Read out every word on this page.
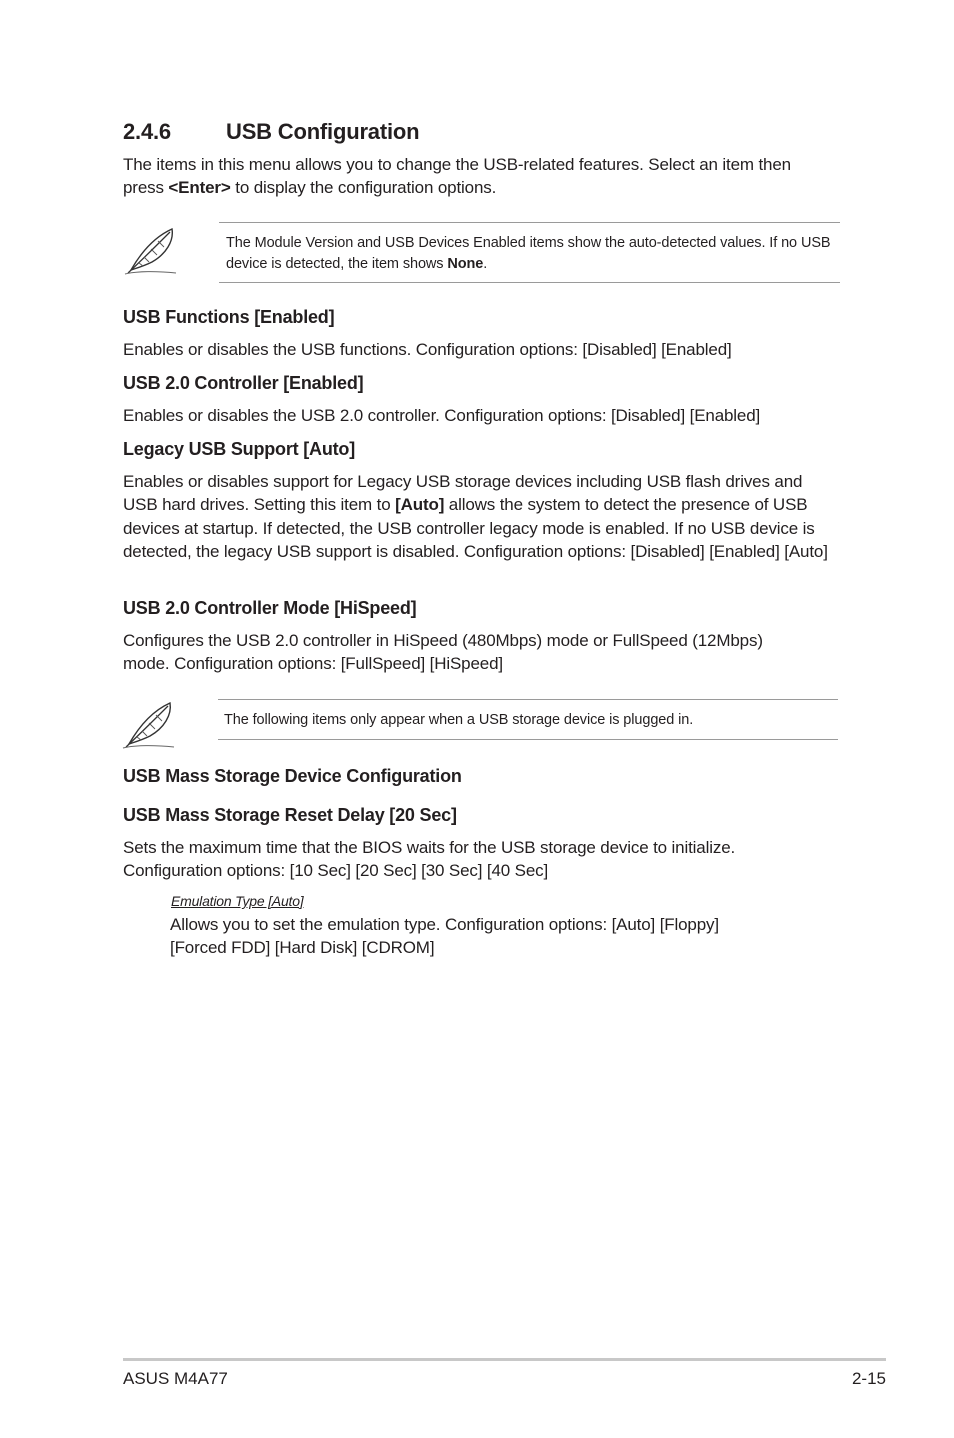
2.4.6	USB Configuration

The items in this menu allows you to change the USB-related features. Select an item then
press <Enter> to display the configuration options.

The Module Version and USB Devices Enabled items show the auto-detected values. If no USB device is detected, the item shows None.

USB Functions [Enabled]

Enables or disables the USB functions. Configuration options: [Disabled] [Enabled]

USB 2.0 Controller [Enabled]

Enables or disables the USB 2.0 controller. Configuration options: [Disabled] [Enabled]

Legacy USB Support [Auto]

Enables or disables support for Legacy USB storage devices including USB flash drives and USB hard drives. Setting this item to [Auto] allows the system to detect the presence of USB devices at startup. If detected, the USB controller legacy mode is enabled. If no USB device is detected, the legacy USB support is disabled. Configuration options: [Disabled] [Enabled] [Auto]

USB 2.0 Controller Mode [HiSpeed]

Configures the USB 2.0 controller in HiSpeed (480Mbps) mode or FullSpeed (12Mbps) mode. Configuration options: [FullSpeed] [HiSpeed]

The following items only appear when a USB storage device is plugged in.

USB Mass Storage Device Configuration
USB Mass Storage Reset Delay [20 Sec]

Sets the maximum time that the BIOS waits for the USB storage device to initialize. Configuration options: [10 Sec] [20 Sec] [30 Sec] [40 Sec]

Emulation Type [Auto]

Allows you to set the emulation type. Configuration options: [Auto] [Floppy] [Forced FDD] [Hard Disk] [CDROM]

ASUS M4A77	2-15
